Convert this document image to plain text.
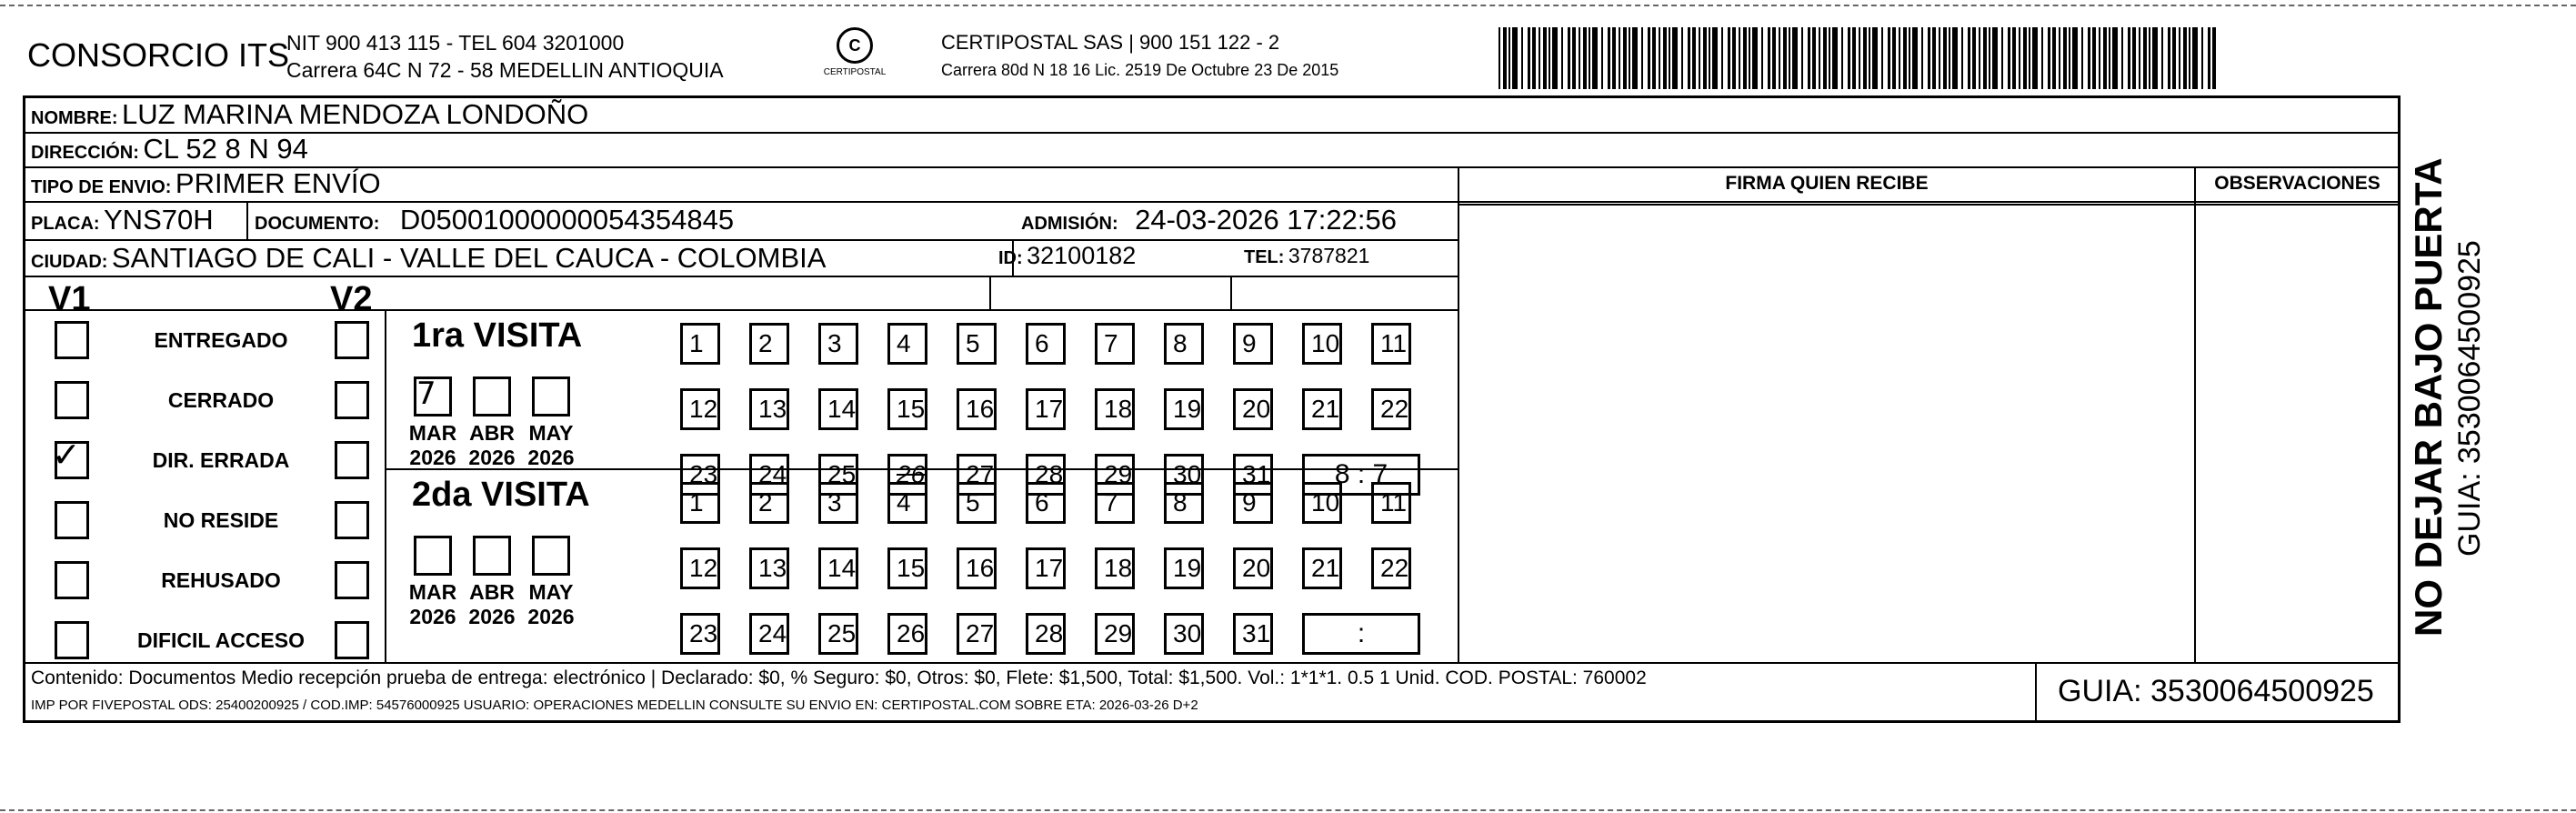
CONSORCIO ITS
NIT 900 413 115 - TEL 604 3201000
Carrera 64C N 72 - 58 MEDELLIN ANTIOQUIA
C
CERTIPOSTAL
CERTIPOSTAL SAS | 900 151 122 - 2
Carrera 80d N 18 16 Lic. 2519 De Octubre 23 De 2015
NOMBRE: LUZ MARINA MENDOZA LONDOÑO
DIRECCIÓN: CL 52 8 N 94
TIPO DE ENVIO: PRIMER ENVÍO
PLACA: YNS70H DOCUMENTO: D05001000000054354845	ADMISIÓN: 24-03-2026 17:22:56
CIUDAD: SANTIAGO DE CALI - VALLE DEL CAUCA - COLOMBIA	ID: 32100182	TEL: 3787821
FIRMA QUIEN RECIBE	OBSERVACIONES
V1	V2
ENTREGADO
CERRADO
✓	DIR. ERRADA
NO RESIDE
REHUSADO
DIFICIL ACCESO
1ra VISITA
7
MAR
2026
ABR
2026
MAY
2026
1	2	3	4	5	6	7	8	9	10	11
12	13	14	15	16	17	18	19	20	21	22
23	24	25	26	27	28	29	30	31	8 : 7
2da VISITA
MAR
2026
ABR
2026
MAY
2026
1	2	3	4	5	6	7	8	9	10	11
12	13	14	15	16	17	18	19	20	21	22
23	24	25	26	27	28	29	30	31	:
Contenido: Documentos Medio recepción prueba de entrega: electrónico | Declarado: $0, % Seguro: $0, Otros: $0, Flete: $1,500, Total: $1,500. Vol.: 1*1*1. 0.5 1 Unid. COD. POSTAL: 760002
IMP POR FIVEPOSTAL ODS: 25400200925 / COD.IMP: 54576000925 USUARIO: OPERACIONES MEDELLIN CONSULTE SU ENVIO EN: CERTIPOSTAL.COM SOBRE ETA: 2026-03-26 D+2	GUIA: 3530064500925
NO DEJAR BAJO PUERTA GUIA: 3530064500925
